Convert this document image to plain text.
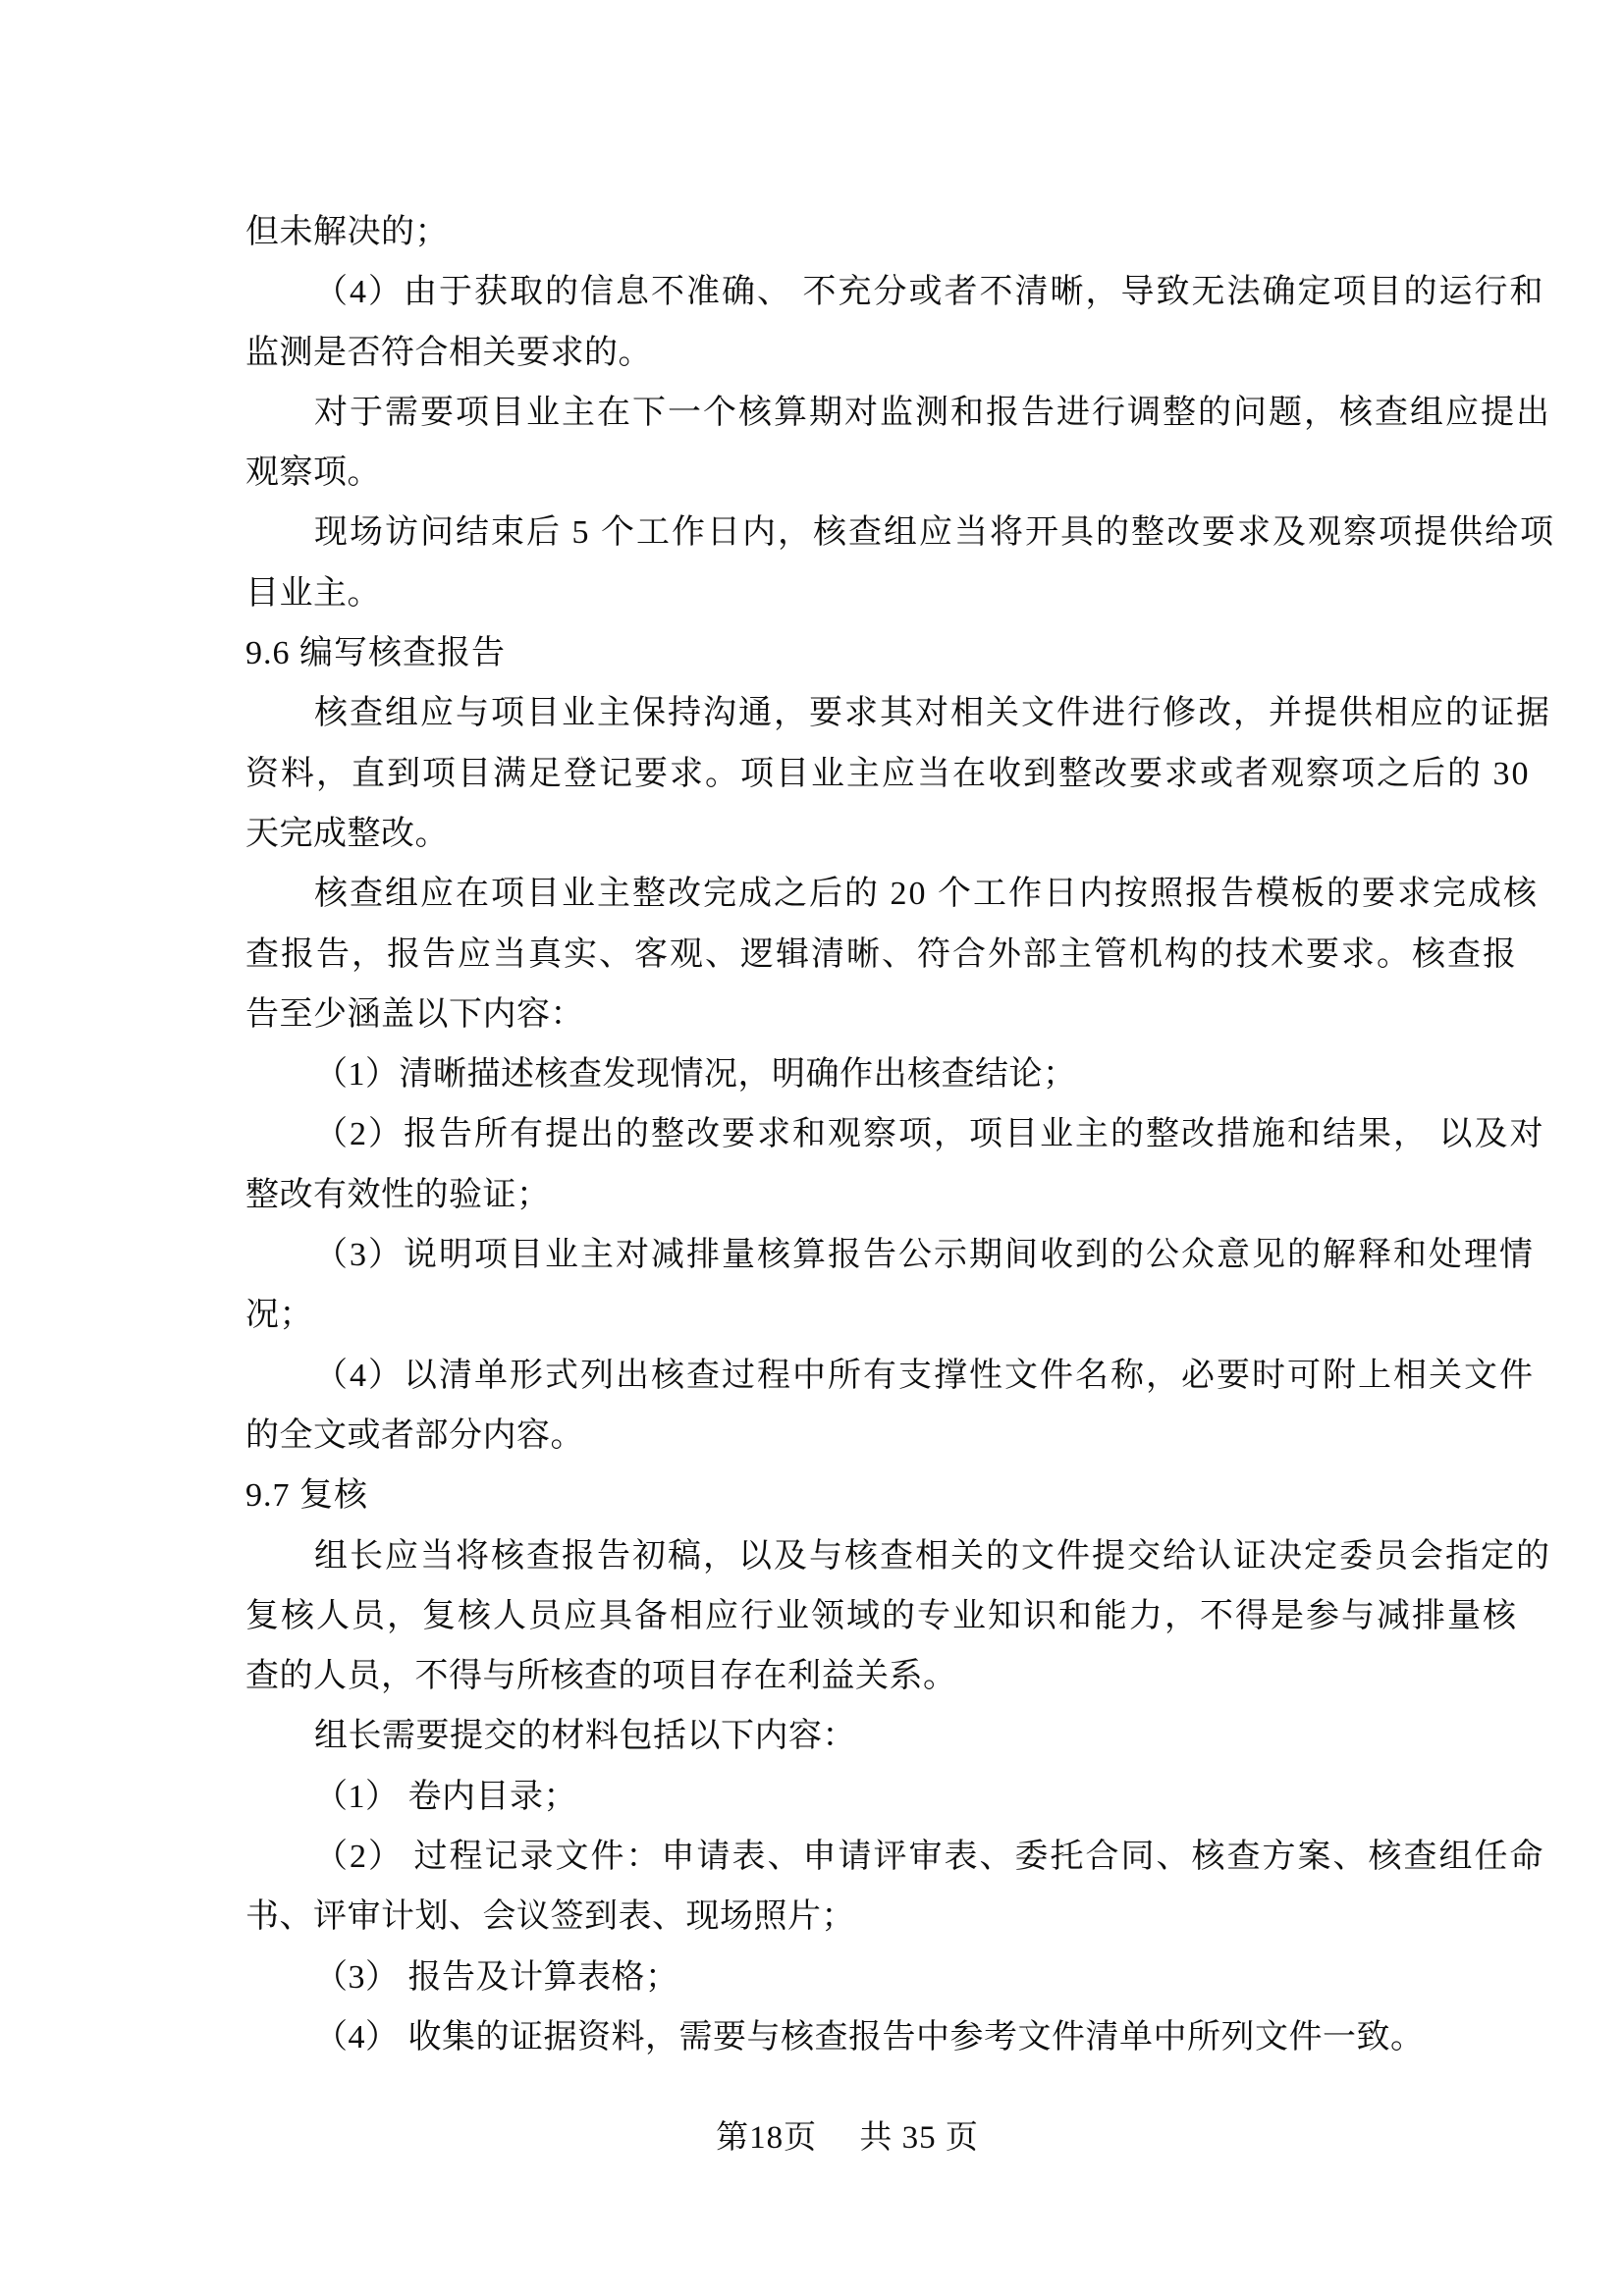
但未解决的；
（4）由于获取的信息不准确、 不充分或者不清晰，导致无法确定项目的运行和
监测是否符合相关要求的。
对于需要项目业主在下一个核算期对监测和报告进行调整的问题，核查组应提出
观察项。
现场访问结束后 5 个工作日内，核查组应当将开具的整改要求及观察项提供给项
目业主。
9.6 编写核查报告
核查组应与项目业主保持沟通，要求其对相关文件进行修改，并提供相应的证据
资料，直到项目满足登记要求。项目业主应当在收到整改要求或者观察项之后的 30
天完成整改。
核查组应在项目业主整改完成之后的 20 个工作日内按照报告模板的要求完成核
查报告，报告应当真实、客观、逻辑清晰、符合外部主管机构的技术要求。核查报
告至少涵盖以下内容：
（1）清晰描述核查发现情况，明确作出核查结论；
（2）报告所有提出的整改要求和观察项，项目业主的整改措施和结果， 以及对
整改有效性的验证；
（3）说明项目业主对减排量核算报告公示期间收到的公众意见的解释和处理情
况；
（4）以清单形式列出核查过程中所有支撑性文件名称，必要时可附上相关文件
的全文或者部分内容。
9.7 复核
组长应当将核查报告初稿，以及与核查相关的文件提交给认证决定委员会指定的
复核人员，复核人员应具备相应行业领域的专业知识和能力，不得是参与减排量核
查的人员，不得与所核查的项目存在利益关系。
组长需要提交的材料包括以下内容：
（1） 卷内目录；
（2） 过程记录文件：申请表、申请评审表、委托合同、核查方案、核查组任命
书、评审计划、会议签到表、现场照片；
（3） 报告及计算表格；
（4） 收集的证据资料，需要与核查报告中参考文件清单中所列文件一致。
第18页　 共 35 页
